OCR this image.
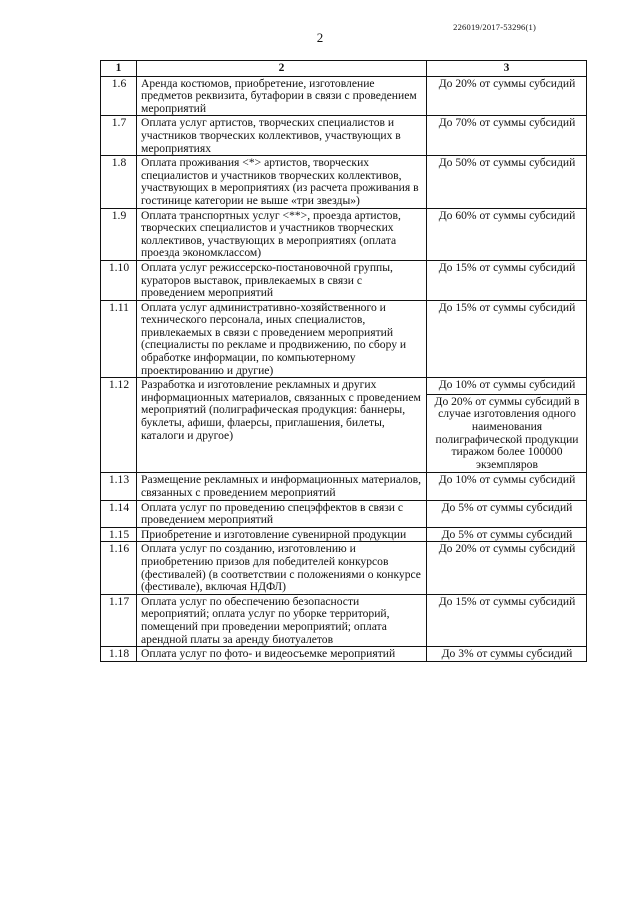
2
226019/2017-53296(1)
1	2	3
1.6	Аренда костюмов, приобретение, изготовление предметов реквизита, бутафории в связи с проведением мероприятий	До 20% от суммы субсидий

1.7	Оплата услуг артистов, творческих специалистов и участников творческих коллективов, участвующих в мероприятиях	До 70% от суммы субсидий

1.8	Оплата проживания <*> артистов, творческих специалистов и участников творческих коллективов, участвующих в мероприятиях (из расчета проживания в гостинице категории не выше «три звезды»)	До 50% от суммы субсидий

1.9	Оплата транспортных услуг <**>, проезда артистов, творческих специалистов и участников творческих коллективов, участвующих в мероприятиях (оплата проезда экономклассом)	До 60% от суммы субсидий

1.10	Оплата услуг режиссерско-постановочной группы, кураторов выставок, привлекаемых в связи с проведением мероприятий	До 15% от суммы субсидий

1.11	Оплата услуг административно-хозяйственного и технического персонала, иных специалистов, привлекаемых в связи с проведением мероприятий (специалисты по рекламе и продвижению, по сбору и обработке информации, по компьютерному проектированию и другие)	До 15% от суммы субсидий

1.12	Разработка и изготовление рекламных и других информационных материалов, связанных с проведением мероприятий (полиграфическая продукция: баннеры, буклеты, афиши, флаерсы, приглашения, билеты, каталоги и другое)	До 10% от суммы субсидий
До 20% от суммы субсидий в случае изготовления одного наименования полиграфической продукции тиражом более 100000 экземпляров

1.13	Размещение рекламных и информационных материалов, связанных с проведением мероприятий	До 10% от суммы субсидий

1.14	Оплата услуг по проведению спецэффектов в связи с проведением мероприятий	До 5% от суммы субсидий

1.15	Приобретение и изготовление сувенирной продукции	До 5% от суммы субсидий

1.16	Оплата услуг по созданию, изготовлению и приобретению призов для победителей конкурсов (фестивалей) (в соответствии с положениями о конкурсе (фестивале), включая НДФЛ)	До 20% от суммы субсидий

1.17	Оплата услуг по обеспечению безопасности мероприятий; оплата услуг по уборке территорий, помещений при проведении мероприятий; оплата арендной платы за аренду биотуалетов	До 15% от суммы субсидий

1.18	Оплата услуг по фото- и видеосъемке мероприятий	До 3% от суммы субсидий
